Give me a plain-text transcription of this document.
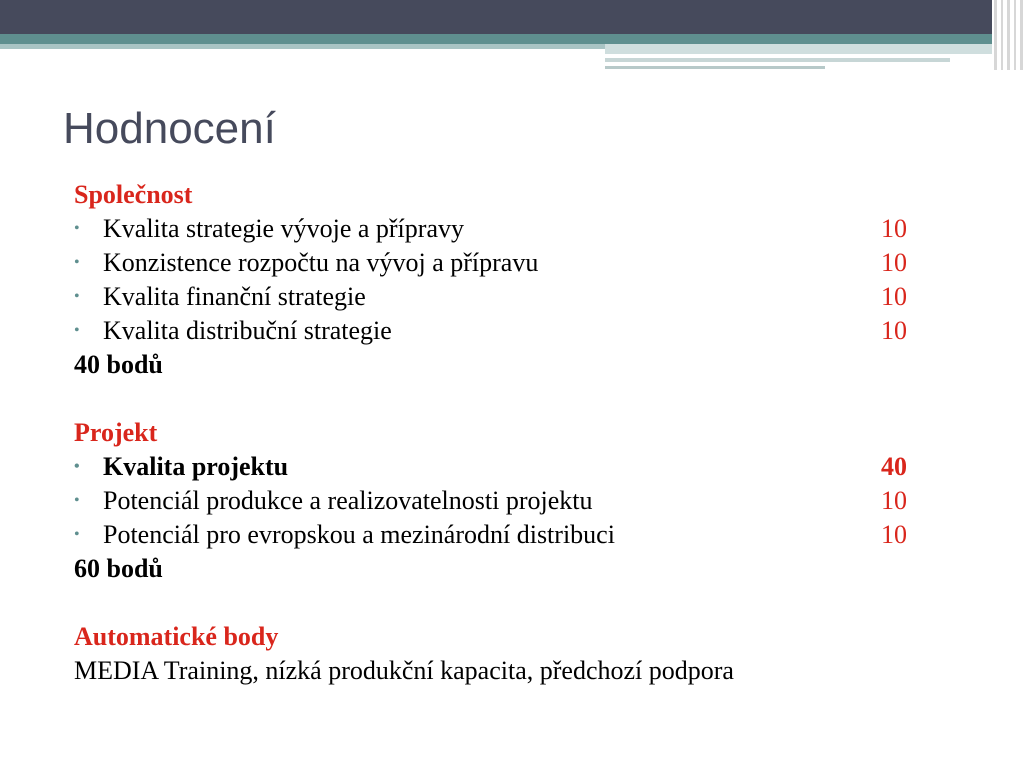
Hodnocení
Společnost
• Kvalita strategie vývoje a přípravy	10
• Konzistence rozpočtu na vývoj a přípravu	10
• Kvalita finanční strategie	10
• Kvalita distribuční strategie	10
40 bodů
Projekt
• Kvalita projektu	40
• Potenciál produkce a realizovatelnosti projektu	10
• Potenciál pro evropskou a mezinárodní distribuci	10
60 bodů
Automatické body
MEDIA Training, nízká produkční kapacita, předchozí podpora
